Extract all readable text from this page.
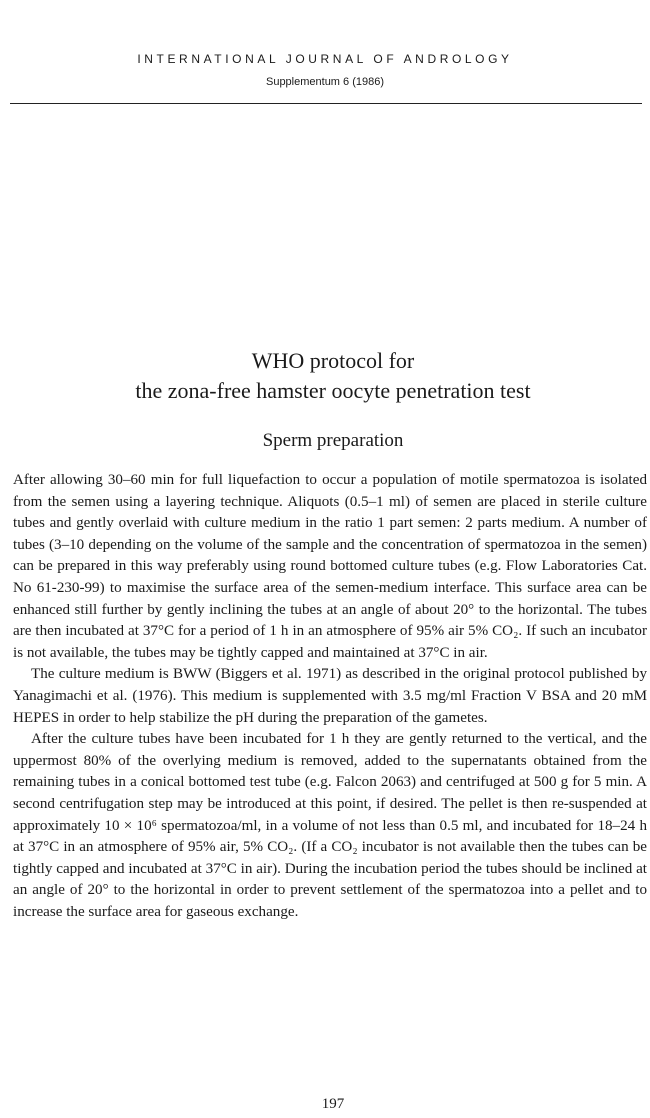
INTERNATIONAL JOURNAL OF ANDROLOGY
Supplementum 6 (1986)
WHO protocol for
the zona-free hamster oocyte penetration test
Sperm preparation

After allowing 30–60 min for full liquefaction to occur a population of motile spermatozoa is isolated from the semen using a layering technique. Aliquots (0.5–1 ml) of semen are placed in sterile culture tubes and gently overlaid with culture medium in the ratio 1 part semen: 2 parts medium. A number of tubes (3–10 depending on the volume of the sample and the concentration of spermatozoa in the semen) can be prepared in this way preferably using round bottomed culture tubes (e.g. Flow Laboratories Cat. No 61-230-99) to maximise the surface area of the semen-medium interface. This surface area can be enhanced still further by gently inclining the tubes at an angle of about 20° to the horizontal. The tubes are then incubated at 37°C for a period of 1 h in an atmosphere of 95% air 5% CO₂. If such an incubator is not available, the tubes may be tightly capped and maintained at 37°C in air.

The culture medium is BWW (Biggers et al. 1971) as described in the original protocol published by Yanagimachi et al. (1976). This medium is supplemented with 3.5 mg/ml Fraction V BSA and 20 mM HEPES in order to help stabilize the pH during the preparation of the gametes.

After the culture tubes have been incubated for 1 h they are gently returned to the vertical, and the uppermost 80% of the overlying medium is removed, added to the supernatants obtained from the remaining tubes in a conical bottomed test tube (e.g. Falcon 2063) and centrifuged at 500 g for 5 min. A second centrifugation step may be introduced at this point, if desired. The pellet is then re-suspended at approximately 10 × 10⁶ spermatozoa/ml, in a volume of not less than 0.5 ml, and incubated for 18–24 h at 37°C in an atmosphere of 95% air, 5% CO₂. (If a CO₂ incubator is not available then the tubes can be tightly capped and incubated at 37°C in air). During the incubation period the tubes should be inclined at an angle of 20° to the horizontal in order to prevent settlement of the spermatozoa into a pellet and to increase the surface area for gaseous exchange.

197
